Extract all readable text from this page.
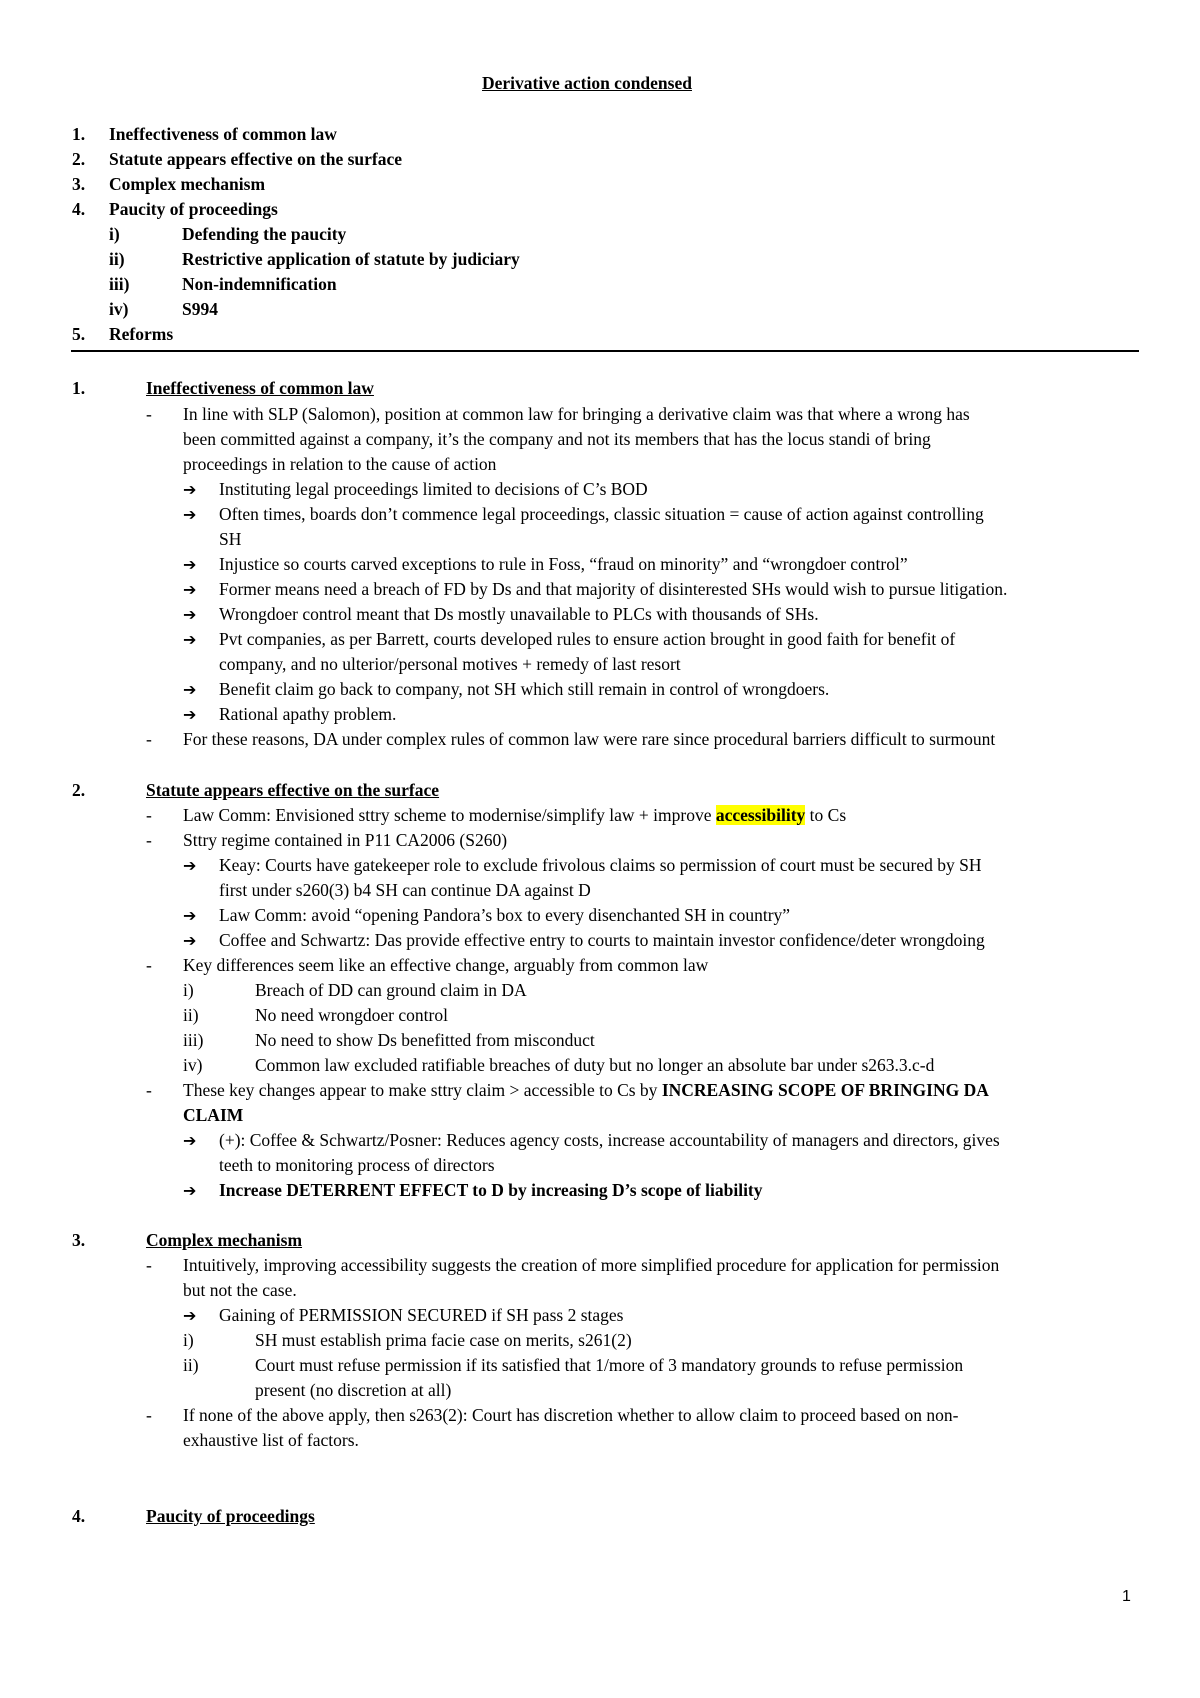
Derivative action condensed
1. Ineffectiveness of common law
2. Statute appears effective on the surface
3. Complex mechanism
4. Paucity of proceedings
i)	Defending the paucity
ii)	Restrictive application of statute by judiciary
iii)	Non-indemnification
iv)	S994
5. Reforms
1.	Ineffectiveness of common law
- In line with SLP (Salomon), position at common law for bringing a derivative claim was that where a wrong has
been committed against a company, it’s the company and not its members that has the locus standi of bring
proceedings in relation to the cause of action
➔ Instituting legal proceedings limited to decisions of C’s BOD
➔ Often times, boards don’t commence legal proceedings, classic situation = cause of action against controlling
SH
➔ Injustice so courts carved exceptions to rule in Foss, “fraud on minority” and “wrongdoer control”
➔ Former means need a breach of FD by Ds and that majority of disinterested SHs would wish to pursue litigation.
➔ Wrongdoer control meant that Ds mostly unavailable to PLCs with thousands of SHs.
➔ Pvt companies, as per Barrett, courts developed rules to ensure action brought in good faith for benefit of
company, and no ulterior/personal motives + remedy of last resort
➔ Benefit claim go back to company, not SH which still remain in control of wrongdoers.
➔ Rational apathy problem.
- For these reasons, DA under complex rules of common law were rare since procedural barriers difficult to surmount
2.	Statute appears effective on the surface
- Law Comm: Envisioned sttry scheme to modernise/simplify law + improve accessibility to Cs
- Sttry regime contained in P11 CA2006 (S260)
➔ Keay: Courts have gatekeeper role to exclude frivolous claims so permission of court must be secured by SH
first under s260(3) b4 SH can continue DA against D
➔ Law Comm: avoid “opening Pandora’s box to every disenchanted SH in country”
➔ Coffee and Schwartz: Das provide effective entry to courts to maintain investor confidence/deter wrongdoing
- Key differences seem like an effective change, arguably from common law
i)	Breach of DD can ground claim in DA
ii)	No need wrongdoer control
iii)	No need to show Ds benefitted from misconduct
iv)	Common law excluded ratifiable breaches of duty but no longer an absolute bar under s263.3.c-d
- These key changes appear to make sttry claim > accessible to Cs by INCREASING SCOPE OF BRINGING DA
CLAIM
➔ (+): Coffee & Schwartz/Posner: Reduces agency costs, increase accountability of managers and directors, gives
teeth to monitoring process of directors
➔ Increase DETERRENT EFFECT to D by increasing D’s scope of liability
3.	Complex mechanism
- Intuitively, improving accessibility suggests the creation of more simplified procedure for application for permission
but not the case.
➔ Gaining of PERMISSION SECURED if SH pass 2 stages
i)	SH must establish prima facie case on merits, s261(2)
ii)	Court must refuse permission if its satisfied that 1/more of 3 mandatory grounds to refuse permission
present (no discretion at all)
- If none of the above apply, then s263(2): Court has discretion whether to allow claim to proceed based on non-
exhaustive list of factors.
4.	Paucity of proceedings
1
